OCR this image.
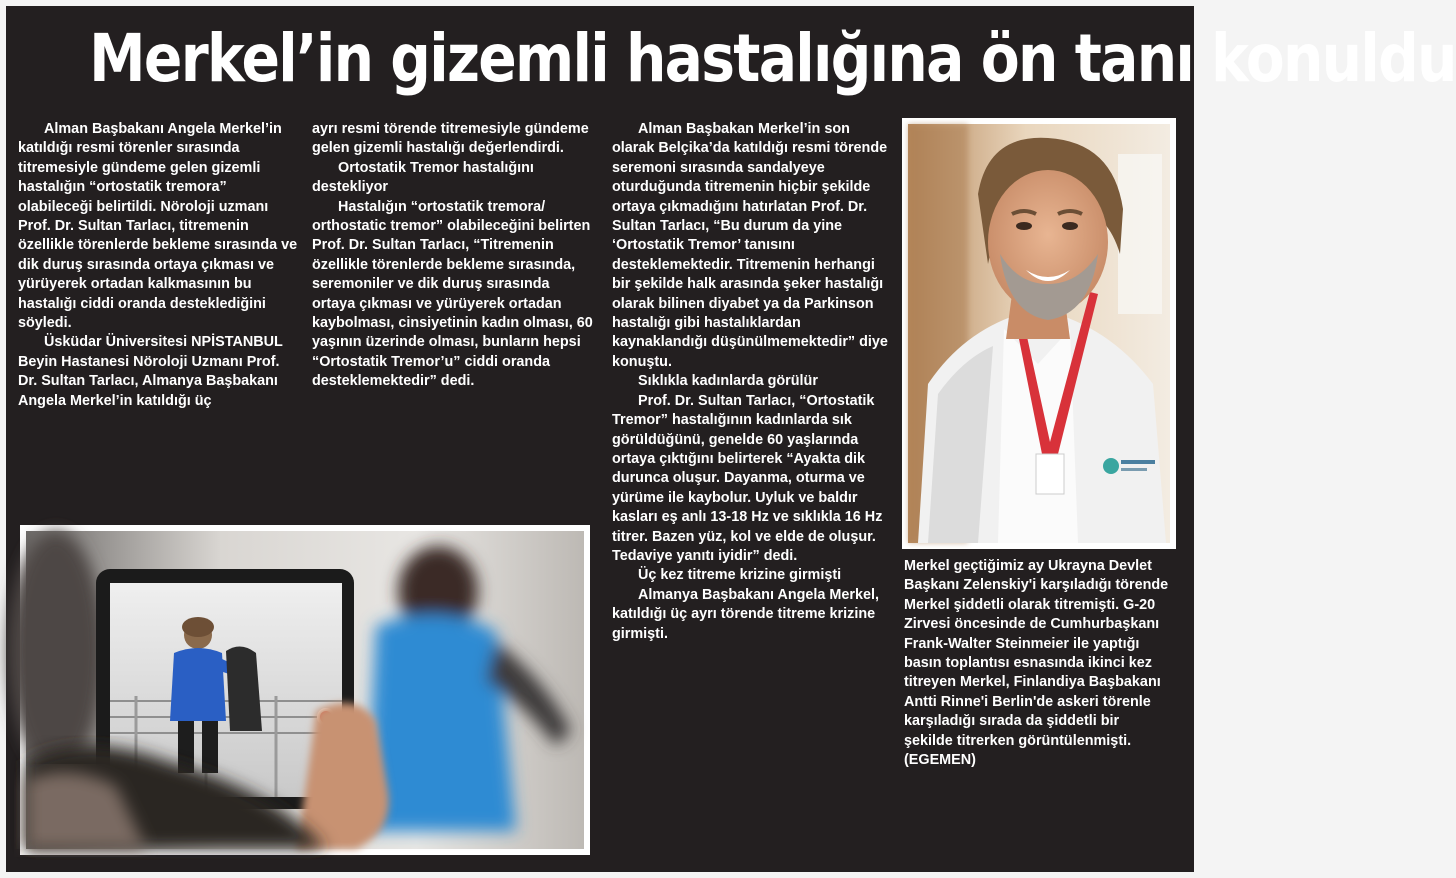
Merkel’in gizemli hastalığına ön tanı konuldu

Alman Başbakanı Angela Merkel’in katıldığı resmi törenler sırasında titremesiyle gündeme gelen gizemli hastalığın “ortostatik tremora” olabileceği belirtildi. Nöroloji uzmanı Prof. Dr. Sultan Tarlacı, titremenin özellikle törenlerde bekleme sırasında ve dik duruş sırasında ortaya çıkması ve yürüyerek ortadan kalkmasının bu hastalığı ciddi oranda desteklediğini söyledi.

Üsküdar Üniversitesi NPİSTANBUL Beyin Hastanesi Nöroloji Uzmanı Prof. Dr. Sultan Tarlacı, Almanya Başbakanı Angela Merkel’in katıldığı üç

ayrı resmi törende titremesiyle gündeme gelen gizemli hastalığı değerlendirdi.

Ortostatik Tremor hastalığını destekliyor

Hastalığın “ortostatik tremora/ orthostatic tremor” olabileceğini belirten Prof. Dr. Sultan Tarlacı, “Titremenin özellikle törenlerde bekleme sırasında, seremoniler ve dik duruş sırasında ortaya çıkması ve yürüyerek ortadan kaybolması, cinsiyetinin kadın olması, 60 yaşının üzerinde olması, bunların hepsi “Ortostatik Tremor’u” ciddi oranda desteklemektedir” dedi.

Alman Başbakan Merkel’in son olarak Belçika’da katıldığı resmi törende seremoni sırasında sandalyeye oturduğunda titremenin hiçbir şekilde ortaya çıkmadığını hatırlatan Prof. Dr. Sultan Tarlacı, “Bu durum da yine ‘Ortostatik Tremor’ tanısını desteklemektedir. Titremenin herhangi bir şekilde halk arasında şeker hastalığı olarak bilinen diyabet ya da Parkinson hastalığı gibi hastalıklardan kaynaklandığı düşünülmemektedir” diye konuştu.

Sıklıkla kadınlarda görülür

Prof. Dr. Sultan Tarlacı, “Ortostatik Tremor” hastalığının kadınlarda sık görüldüğünü, genelde 60 yaşlarında ortaya çıktığını belirterek “Ayakta dik durunca oluşur. Dayanma, oturma ve yürüme ile kaybolur. Uyluk ve baldır kasları eş anlı 13-18 Hz ve sıklıkla 16 Hz titrer. Bazen yüz, kol ve elde de oluşur. Tedaviye yanıtı iyidir” dedi.

Üç kez titreme krizine girmişti

Almanya Başbakanı Angela Merkel, katıldığı üç ayrı törende titreme krizine girmişti.

Merkel geçtiğimiz ay Ukrayna Devlet Başkanı Zelenskiy'i karşıladığı törende Merkel şiddetli olarak titremişti. G-20 Zirvesi öncesinde de Cumhurbaşkanı Frank-Walter Steinmeier ile yaptığı basın toplantısı esnasında ikinci kez titreyen Merkel, Finlandiya Başbakanı Antti Rinne'i Berlin'de askeri törenle karşıladığı sırada da şiddetli bir şekilde titrerken görüntülenmişti. (EGEMEN)
